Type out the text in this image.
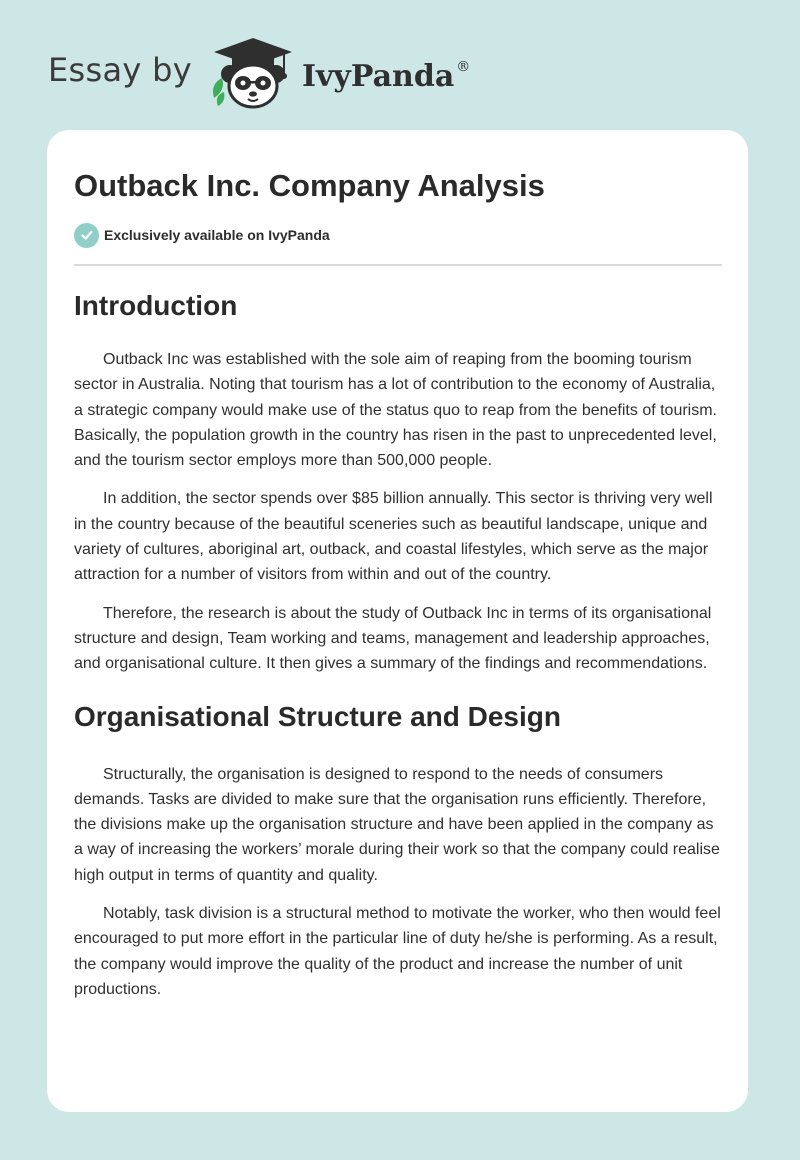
Essay by	IvyPanda ®
Outback Inc. Company Analysis
Exclusively available on IvyPanda
Introduction

Outback Inc was established with the sole aim of reaping from the booming tourism sector in Australia. Noting that tourism has a lot of contribution to the economy of Australia, a strategic company would make use of the status quo to reap from the benefits of tourism. Basically, the population growth in the country has risen in the past to unprecedented level, and the tourism sector employs more than 500,000 people.

In addition, the sector spends over $85 billion annually. This sector is thriving very well in the country because of the beautiful sceneries such as beautiful landscape, unique and variety of cultures, aboriginal art, outback, and coastal lifestyles, which serve as the major attraction for a number of visitors from within and out of the country.

Therefore, the research is about the study of Outback Inc in terms of its organisational structure and design, Team working and teams, management and leadership approaches, and organisational culture. It then gives a summary of the findings and recommendations.

Organisational Structure and Design

Structurally, the organisation is designed to respond to the needs of consumers demands. Tasks are divided to make sure that the organisation runs efficiently. Therefore, the divisions make up the organisation structure and have been applied in the company as a way of increasing the workers’ morale during their work so that the company could realise high output in terms of quantity and quality.

Notably, task division is a structural method to motivate the worker, who then would feel encouraged to put more effort in the particular line of duty he/she is performing. As a result, the company would improve the quality of the product and increase the number of unit productions.
